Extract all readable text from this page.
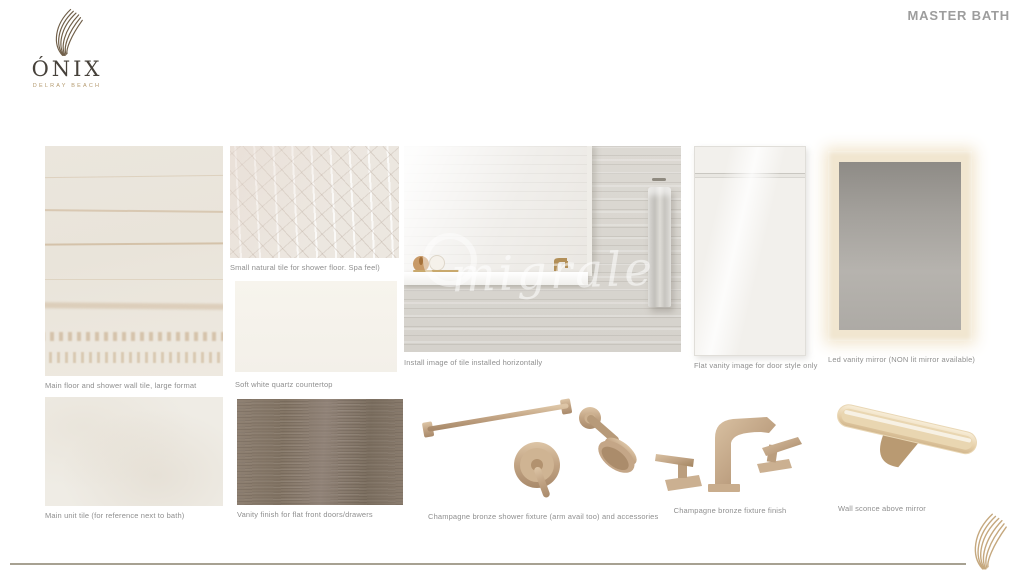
ÓNIX
DELRAY BEACH
MASTER BATH
Main floor and shower wall tile, large format
Small natural tile for shower floor. Spa feel)
Soft white quartz countertop
migrale
Install image of tile installed horizontally	Flat vanity image for door style only
Led vanity mirror (NON lit mirror available)
Main unit tile (for reference next to bath)	Vanity finish for flat front doors/drawers	Champagne bronze shower fixture (arm avail too) and accessories
Champagne bronze fixture finish	Wall sconce above mirror
